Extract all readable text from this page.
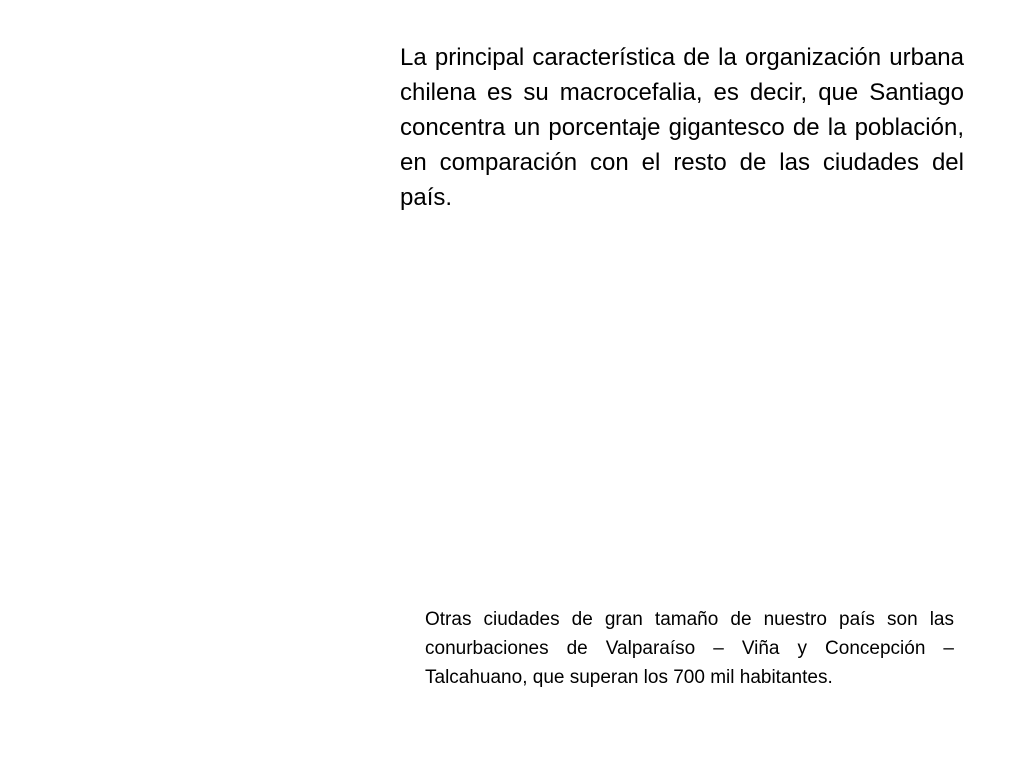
La principal característica de la organización urbana chilena es su macrocefalia, es decir, que Santiago concentra un porcentaje gigantesco de la población, en comparación con el resto de las ciudades del país.

Otras ciudades de gran tamaño de nuestro país son las conurbaciones de Valparaíso – Viña y Concepción – Talcahuano, que superan los 700 mil habitantes.
